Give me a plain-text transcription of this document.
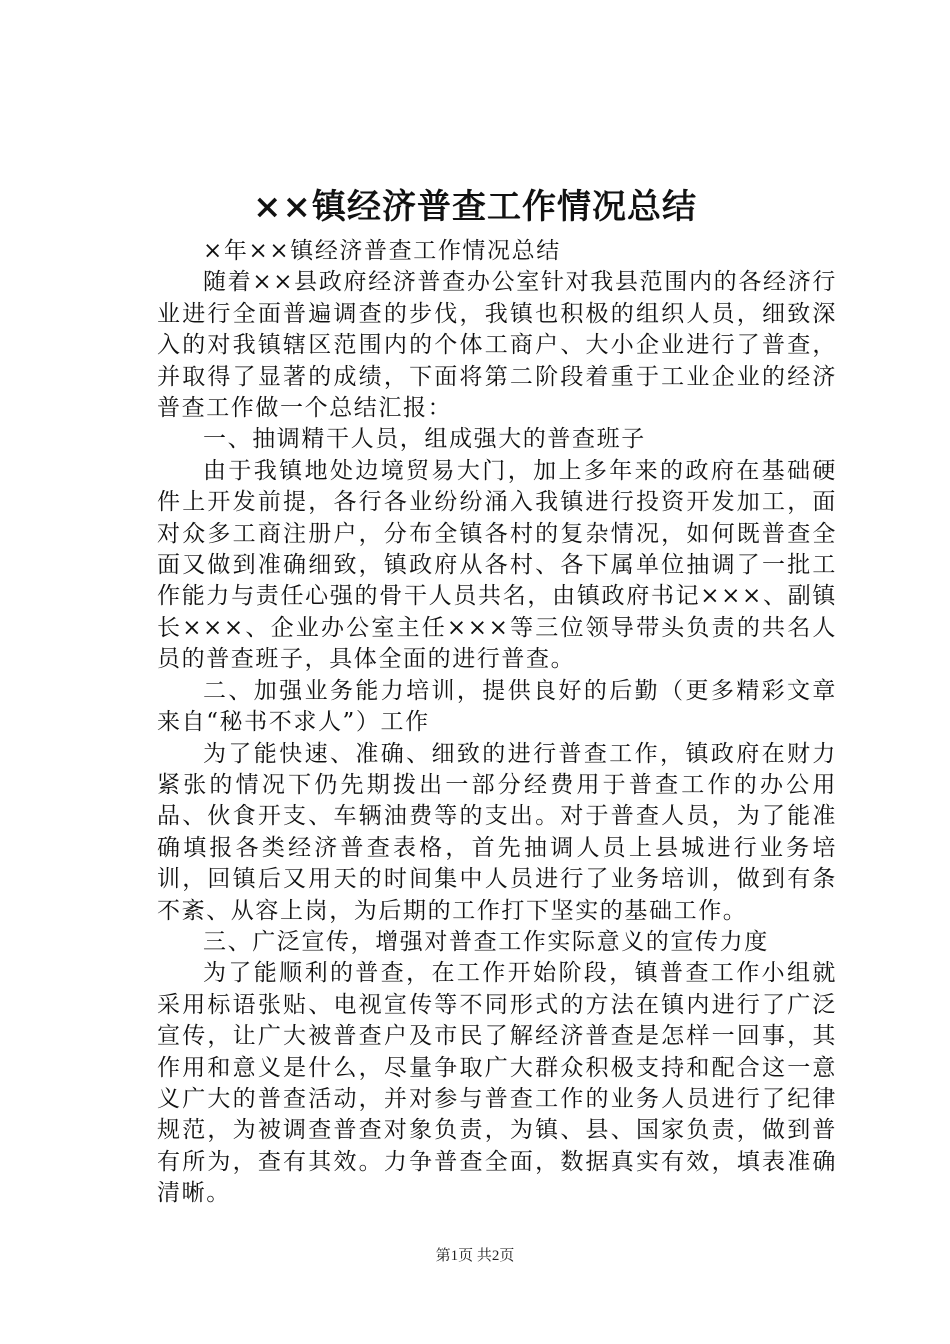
××镇经济普查工作情况总结

×年××镇经济普查工作情况总结

随着××县政府经济普查办公室针对我县范围内的各经济行业进行全面普遍调查的步伐，我镇也积极的组织人员，细致深入的对我镇辖区范围内的个体工商户、大小企业进行了普查，并取得了显著的成绩，下面将第二阶段着重于工业企业的经济普查工作做一个总结汇报：

一、抽调精干人员，组成强大的普查班子

由于我镇地处边境贸易大门，加上多年来的政府在基础硬件上开发前提，各行各业纷纷涌入我镇进行投资开发加工，面对众多工商注册户，分布全镇各村的复杂情况，如何既普查全面又做到准确细致，镇政府从各村、各下属单位抽调了一批工作能力与责任心强的骨干人员共名，由镇政府书记×××、副镇长×××、企业办公室主任×××等三位领导带头负责的共名人员的普查班子，具体全面的进行普查。

二、加强业务能力培训，提供良好的后勤（更多精彩文章来自“秘书不求人”）工作

为了能快速、准确、细致的进行普查工作，镇政府在财力紧张的情况下仍先期拨出一部分经费用于普查工作的办公用品、伙食开支、车辆油费等的支出。对于普查人员，为了能准确填报各类经济普查表格，首先抽调人员上县城进行业务培训，回镇后又用天的时间集中人员进行了业务培训，做到有条不紊、从容上岗，为后期的工作打下坚实的基础工作。

三、广泛宣传，增强对普查工作实际意义的宣传力度

为了能顺利的普查，在工作开始阶段，镇普查工作小组就采用标语张贴、电视宣传等不同形式的方法在镇内进行了广泛宣传，让广大被普查户及市民了解经济普查是怎样一回事，其作用和意义是什么，尽量争取广大群众积极支持和配合这一意义广大的普查活动，并对参与普查工作的业务人员进行了纪律规范，为被调查普查对象负责，为镇、县、国家负责，做到普有所为，查有其效。力争普查全面，数据真实有效，填表准确清晰。

第1页 共2页
